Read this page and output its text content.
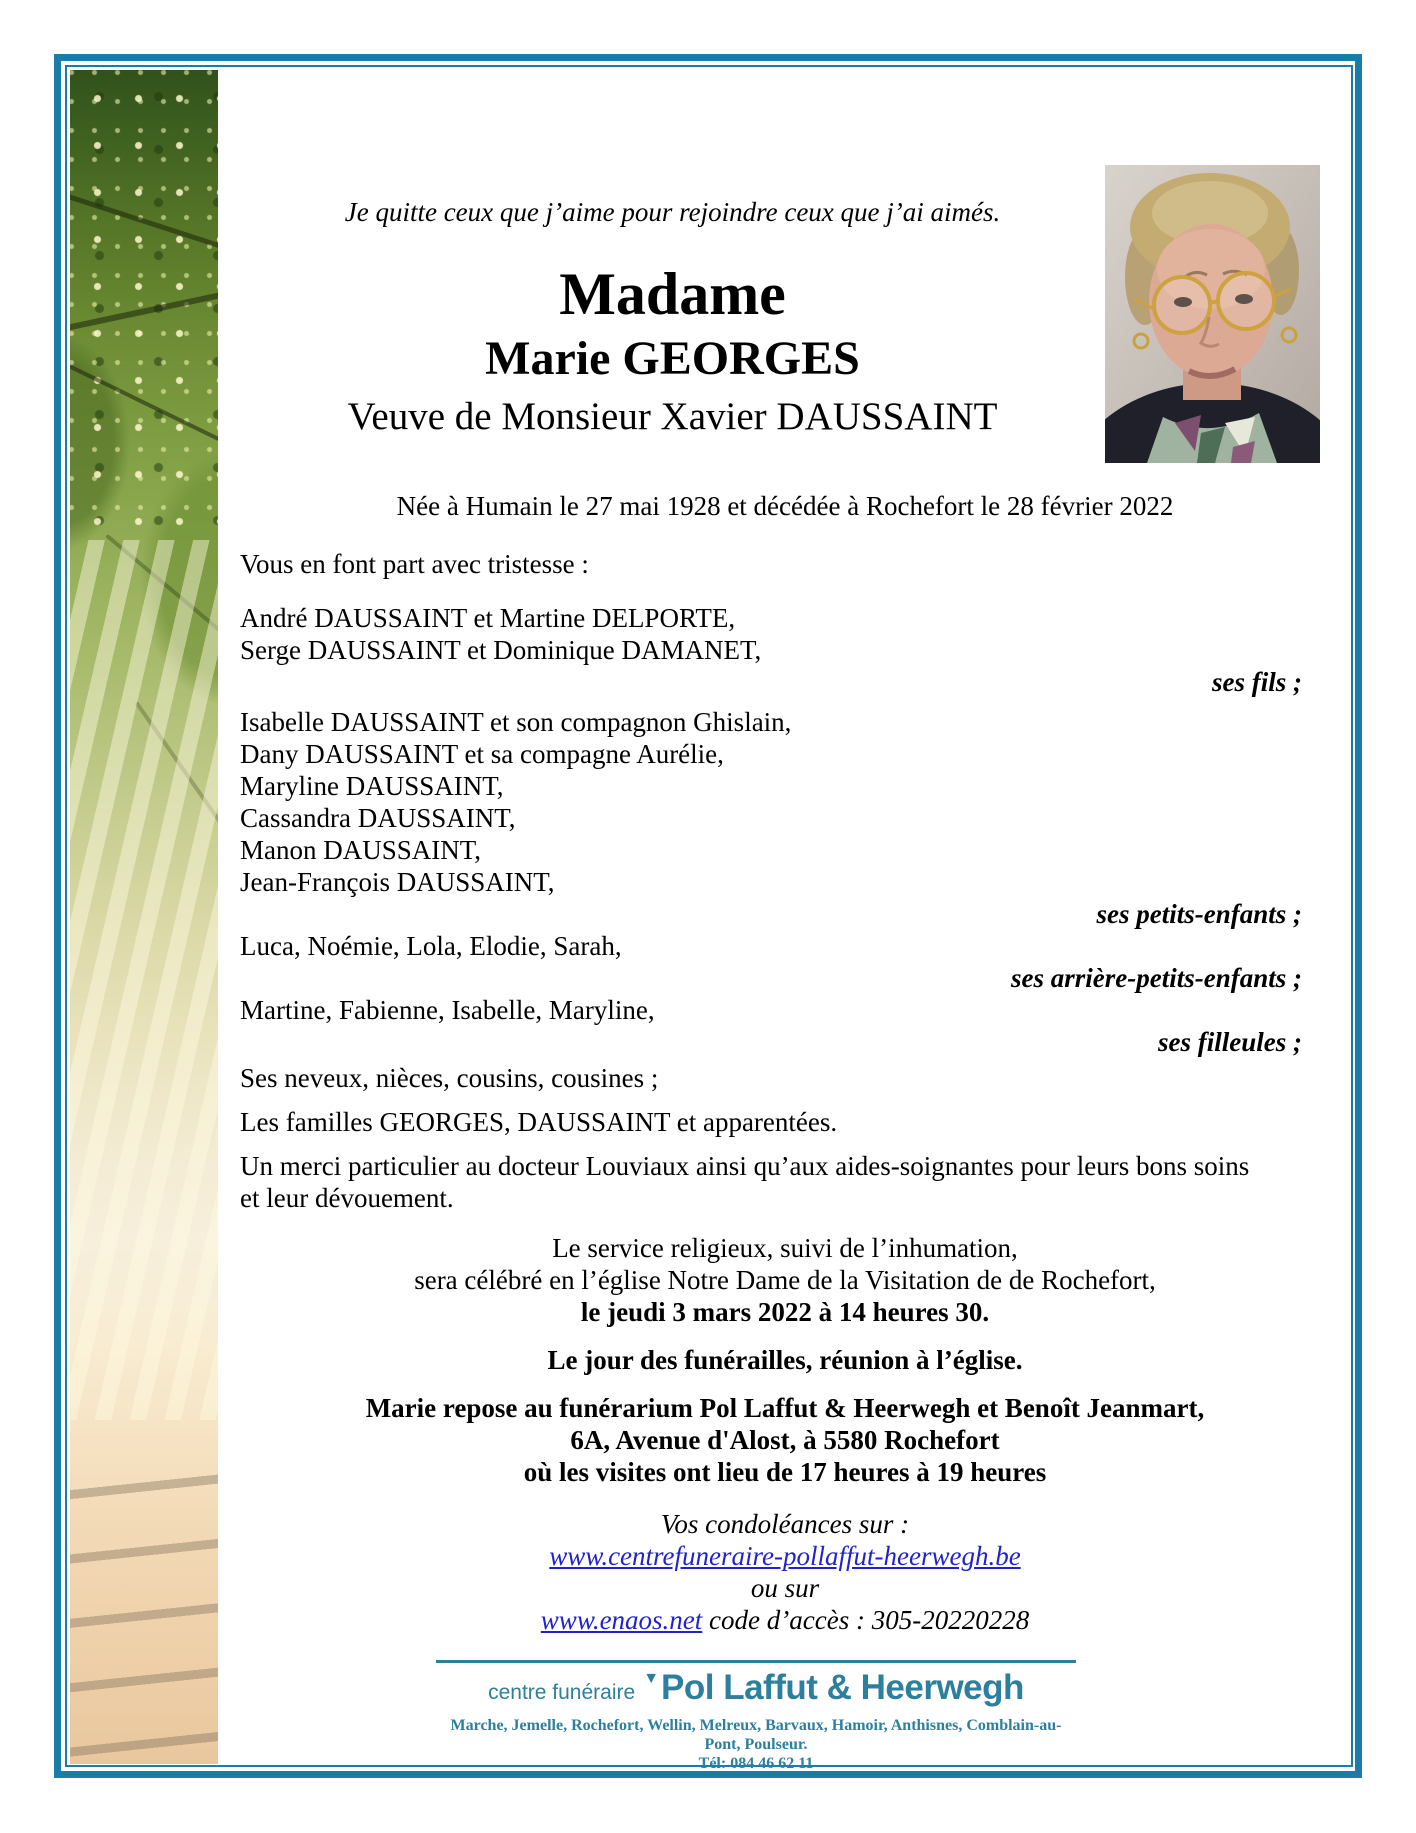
Je quitte ceux que j’aime pour rejoindre ceux que j’ai aimés.
Madame
Marie GEORGES
Veuve de Monsieur Xavier DAUSSAINT
Née à Humain le 27 mai 1928 et décédée à Rochefort le 28 février 2022
Vous en font part avec tristesse :
André DAUSSAINT et Martine DELPORTE,
Serge DAUSSAINT et Dominique DAMANET,
ses fils ;
Isabelle DAUSSAINT et son compagnon Ghislain,
Dany DAUSSAINT et sa compagne Aurélie,
Maryline DAUSSAINT,
Cassandra DAUSSAINT,
Manon DAUSSAINT,
Jean-François DAUSSAINT,
ses petits-enfants ;
Luca, Noémie, Lola, Elodie, Sarah,
ses arrière-petits-enfants ;
Martine, Fabienne, Isabelle, Maryline,
ses filleules ;
Ses neveux, nièces, cousins, cousines ;
Les familles GEORGES, DAUSSAINT et apparentées.
Un merci particulier au docteur Louviaux ainsi qu’aux aides-soignantes pour leurs bons soins
et leur dévouement.
Le service religieux, suivi de l’inhumation,
sera célébré en l’église Notre Dame de la Visitation de de Rochefort,
le jeudi 3 mars 2022 à 14 heures 30.
Le jour des funérailles, réunion à l’église.
Marie repose au funérarium Pol Laffut & Heerwegh et Benoît Jeanmart,
6A, Avenue d'Alost, à 5580 Rochefort
où les visites ont lieu de 17 heures à 19 heures
Vos condoléances sur :
www.centrefuneraire-pollaffut-heerwegh.be
ou sur
www.enaos.net code d’accès : 305-20220228
centre funéraire
▼ Pol Laffut & Heerwegh
Marche, Jemelle, Rochefort, Wellin, Melreux, Barvaux, Hamoir, Anthisnes, Comblain-au-Pont, Poulseur.
Tél: 084 46 62 11
